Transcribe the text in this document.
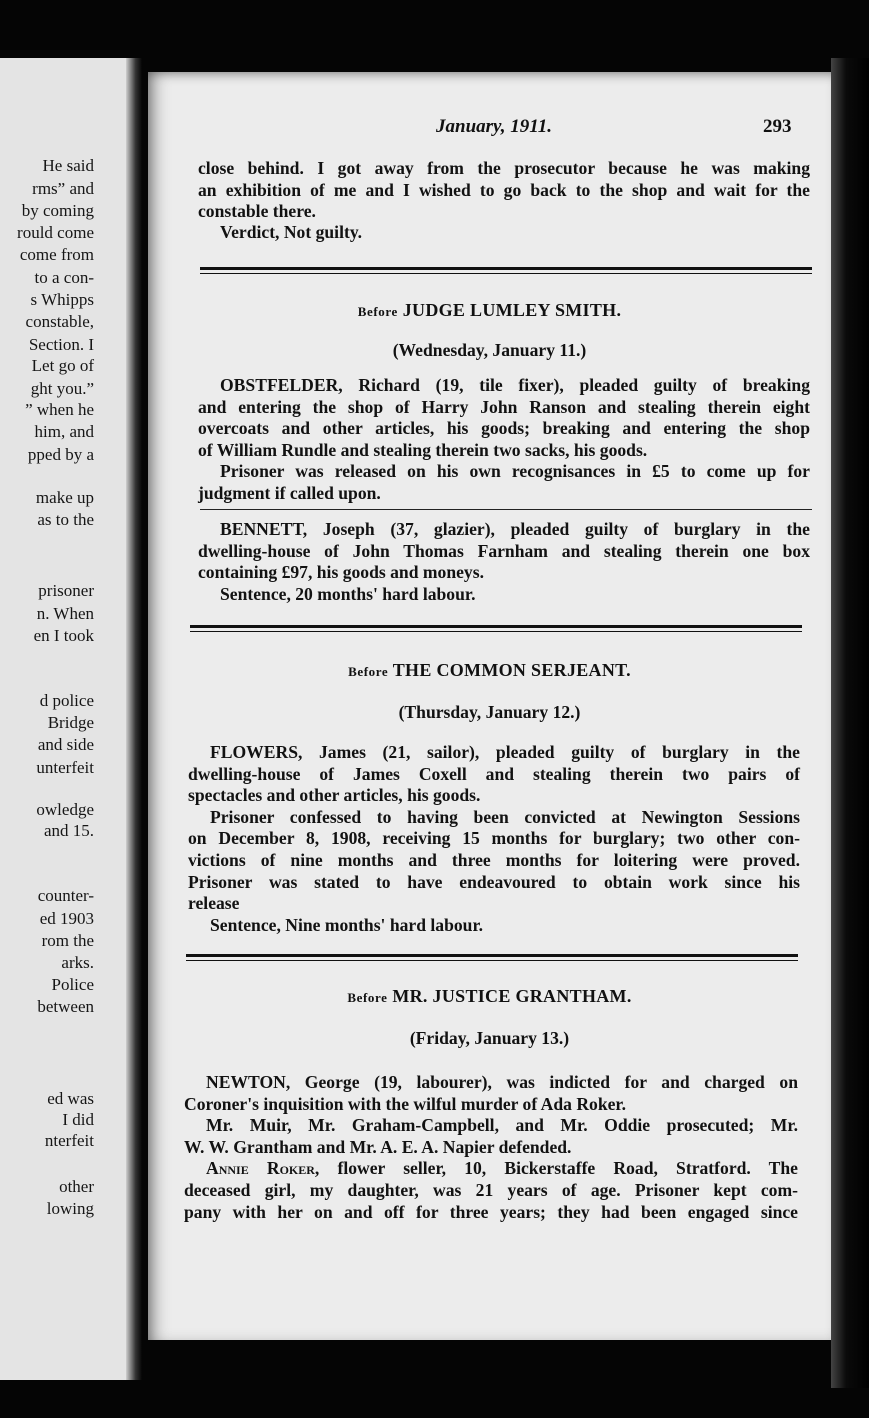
He said
rms” and
by coming
rould come
come from
to a con-
s Whipps
constable,
Section. I
Let go of
ght you.”
” when he
him, and
pped by a
make up
as to the
prisoner
n. When
en I took
d police
Bridge
and side
unterfeit
owledge
and 15.
counter-
ed 1903
rom the
arks.
Police
between
ed was
I did
nterfeit
other
lowing
January, 1911.	293
close behind. I got away from the prosecutor because he was making
an exhibition of me and I wished to go back to the shop and wait for the
constable there.
Verdict, Not guilty.
Before JUDGE LUMLEY SMITH.
(Wednesday, January 11.)
OBSTFELDER, Richard (19, tile fixer), pleaded guilty of breaking
and entering the shop of Harry John Ranson and stealing therein eight
overcoats and other articles, his goods; breaking and entering the shop
of William Rundle and stealing therein two sacks, his goods.
Prisoner was released on his own recognisances in £5 to come up for
judgment if called upon.
BENNETT, Joseph (37, glazier), pleaded guilty of burglary in the
dwelling-house of John Thomas Farnham and stealing therein one box
containing £97, his goods and moneys.
Sentence, 20 months' hard labour.
Before THE COMMON SERJEANT.
(Thursday, January 12.)
FLOWERS, James (21, sailor), pleaded guilty of burglary in the
dwelling-house of James Coxell and stealing therein two pairs of
spectacles and other articles, his goods.
Prisoner confessed to having been convicted at Newington Sessions
on December 8, 1908, receiving 15 months for burglary; two other con-
victions of nine months and three months for loitering were proved.
Prisoner was stated to have endeavoured to obtain work since his
release
Sentence, Nine months' hard labour.
Before MR. JUSTICE GRANTHAM.
(Friday, January 13.)
NEWTON, George (19, labourer), was indicted for and charged on
Coroner's inquisition with the wilful murder of Ada Roker.
Mr. Muir, Mr. Graham-Campbell, and Mr. Oddie prosecuted; Mr.
W. W. Grantham and Mr. A. E. A. Napier defended.
Annie Roker, flower seller, 10, Bickerstaffe Road, Stratford. The
deceased girl, my daughter, was 21 years of age. Prisoner kept com-
pany with her on and off for three years; they had been engaged since
